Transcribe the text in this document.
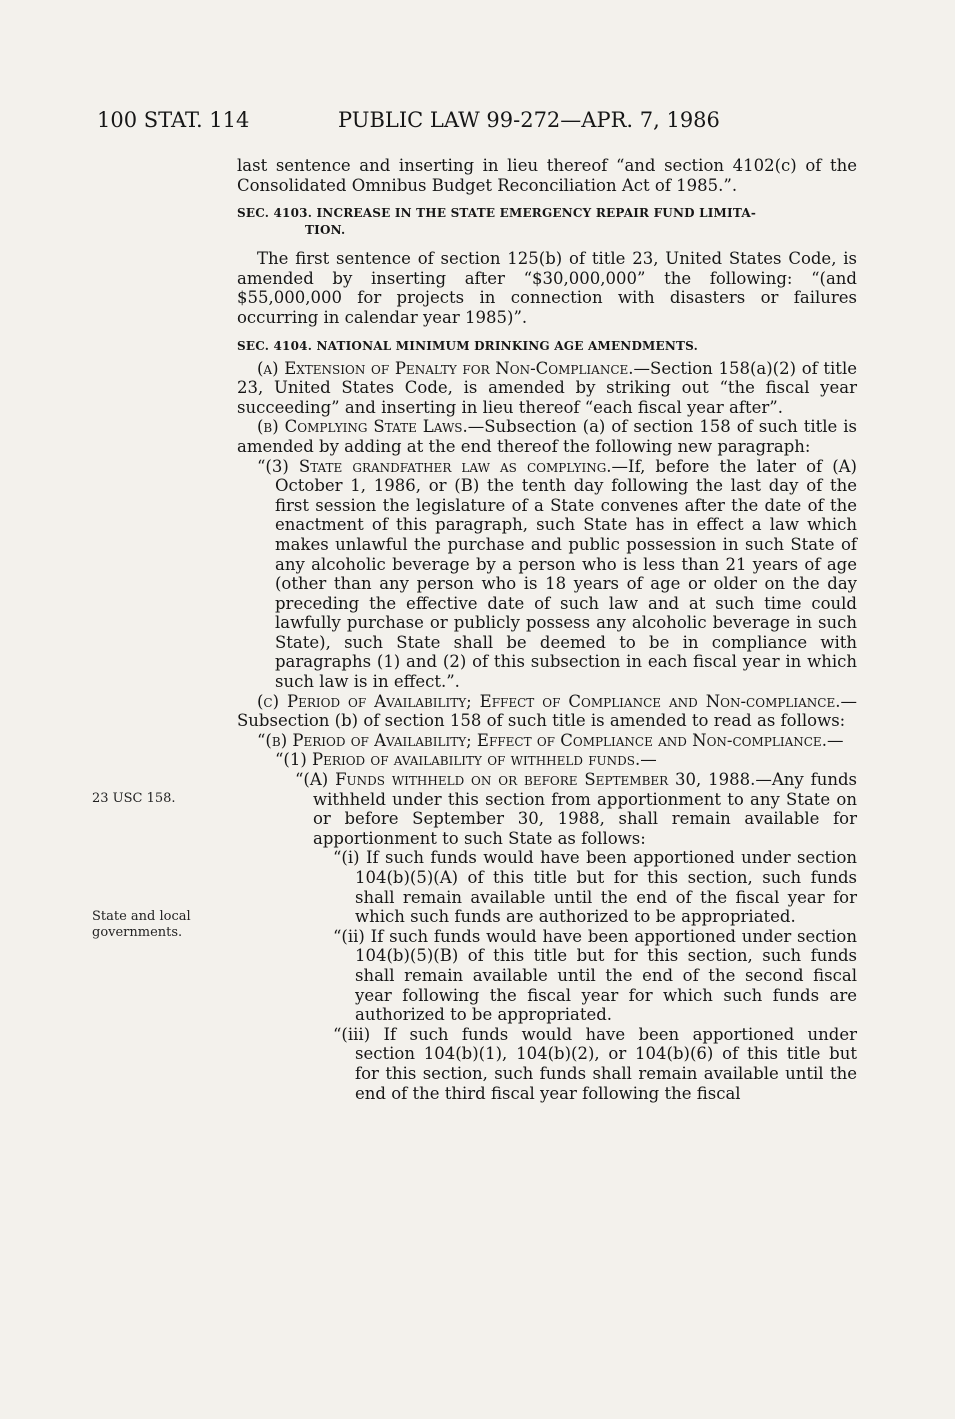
100 STAT. 114	PUBLIC LAW 99-272—APR. 7, 1986
23 USC 158.
State and local
governments.

last sentence and inserting in lieu thereof “and section 4102(c) of the Consolidated Omnibus Budget Reconciliation Act of 1985.”.

SEC. 4103. INCREASE IN THE STATE EMERGENCY REPAIR FUND LIMITA-
TION.

The first sentence of section 125(b) of title 23, United States Code, is amended by inserting after “$30,000,000” the following: “(and $55,000,000 for projects in connection with disasters or failures occurring in calendar year 1985)”.

SEC. 4104. NATIONAL MINIMUM DRINKING AGE AMENDMENTS.

(a) Extension of Penalty for Non-Compliance.—Section 158(a)(2) of title 23, United States Code, is amended by striking out “the fiscal year succeeding” and inserting in lieu thereof “each fiscal year after”.

(b) Complying State Laws.—Subsection (a) of section 158 of such title is amended by adding at the end thereof the following new paragraph:

“(3) State grandfather law as complying.—If, before the later of (A) October 1, 1986, or (B) the tenth day following the last day of the first session the legislature of a State convenes after the date of the enactment of this paragraph, such State has in effect a law which makes unlawful the purchase and public possession in such State of any alcoholic beverage by a person who is less than 21 years of age (other than any person who is 18 years of age or older on the day preceding the effective date of such law and at such time could lawfully purchase or publicly possess any alcoholic beverage in such State), such State shall be deemed to be in compliance with paragraphs (1) and (2) of this subsection in each fiscal year in which such law is in effect.”.

(c) Period of Availability; Effect of Compliance and Non-compliance.—Subsection (b) of section 158 of such title is amended to read as follows:

“(b) Period of Availability; Effect of Compliance and Non-compliance.—

“(1) Period of availability of withheld funds.—

“(A) Funds withheld on or before September 30, 1988.—Any funds withheld under this section from apportionment to any State on or before September 30, 1988, shall remain available for apportionment to such State as follows:

“(i) If such funds would have been apportioned under section 104(b)(5)(A) of this title but for this section, such funds shall remain available until the end of the fiscal year for which such funds are authorized to be appropriated.

“(ii) If such funds would have been apportioned under section 104(b)(5)(B) of this title but for this section, such funds shall remain available until the end of the second fiscal year following the fiscal year for which such funds are authorized to be appropriated.

“(iii) If such funds would have been apportioned under section 104(b)(1), 104(b)(2), or 104(b)(6) of this title but for this section, such funds shall remain available until the end of the third fiscal year following the fiscal
